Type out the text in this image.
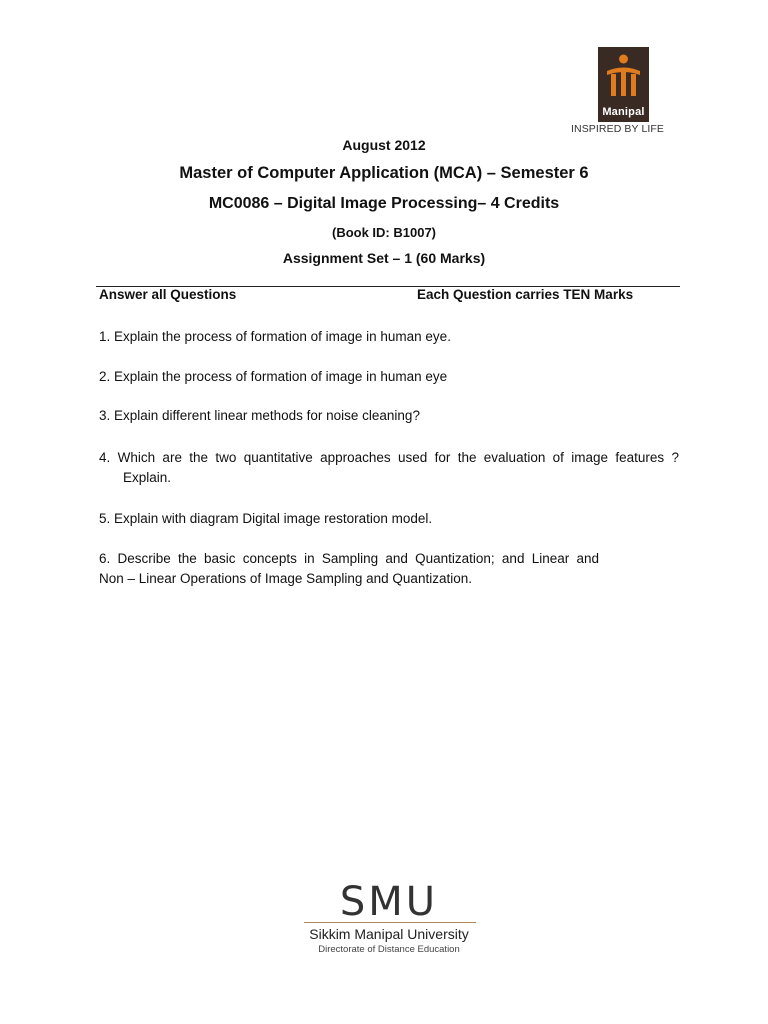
Manipal
INSPIRED BY LIFE
August 2012
Master of Computer Application (MCA) – Semester 6
MC0086 – Digital Image Processing– 4 Credits
(Book ID: B1007)
Assignment Set – 1 (60 Marks)
Answer all Questions	Each Question carries TEN Marks
1. Explain the process of formation of image in human eye.
2. Explain the process of formation of image in human eye
3. Explain different linear methods for noise cleaning?
4. Which are the two quantitative approaches used for the evaluation of image features ?
Explain.
5. Explain with diagram Digital image restoration model.
6. Describe the basic concepts in Sampling and Quantization; and Linear and
Non – Linear Operations of Image Sampling and Quantization.
SMU
Sikkim Manipal University
Directorate of Distance Education
